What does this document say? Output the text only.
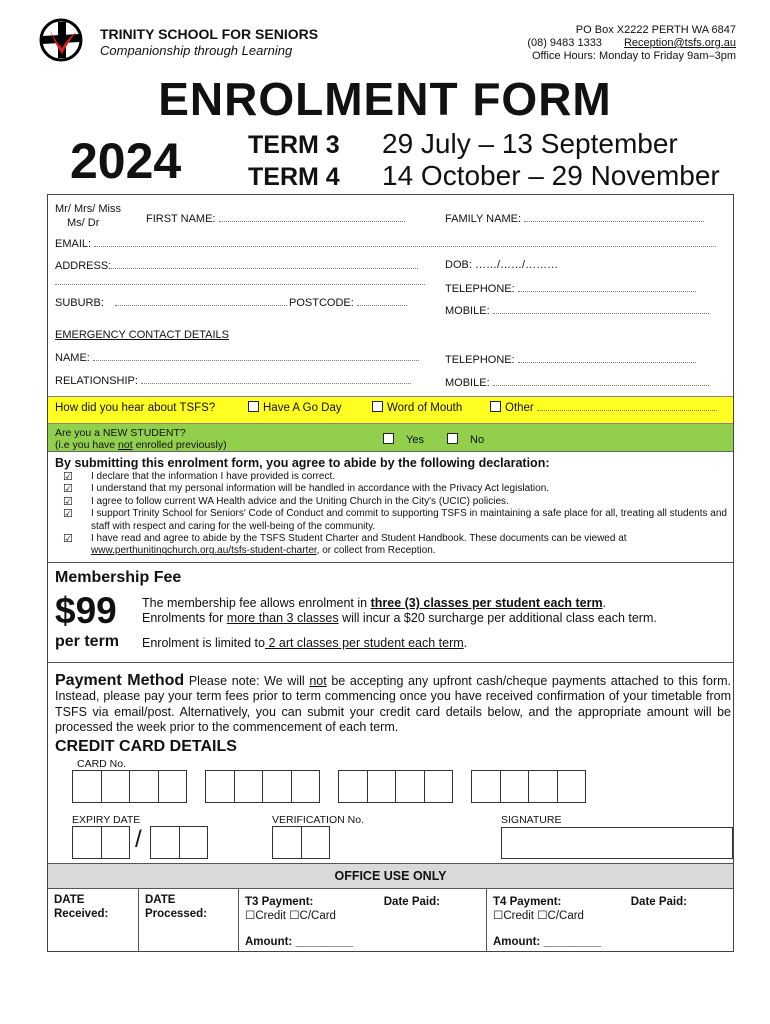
TRINITY SCHOOL FOR SENIORS
Companionship through Learning
PO Box X2222 PERTH WA 6847
(08) 9483 1333 Reception@tsfs.org.au
Office Hours: Monday to Friday 9am–3pm
ENROLMENT FORM
2024	TERM 3 29 July – 13 September
TERM 4 14 October – 29 November
Mr/ Mrs/ Miss
Ms/ Dr	FIRST NAME:	FAMILY NAME:
EMAIL:
ADDRESS:	DOB: ……/……/………
TELEPHONE:
SUBURB:	POSTCODE:
MOBILE:
EMERGENCY CONTACT DETAILS
NAME:	TELEPHONE:
RELATIONSHIP:	MOBILE:
How did you hear about TSFS?	Have A Go Day	Word of Mouth	Other
Are you a NEW STUDENT?
(i.e you have not enrolled previously)	Yes	No
By submitting this enrolment form, you agree to abide by the following declaration:
☑	I declare that the information I have provided is correct.
☑	I understand that my personal information will be handled in accordance with the Privacy Act legislation.
☑	I agree to follow current WA Health advice and the Uniting Church in the City's (UCIC) policies.
☑	I support Trinity School for Seniors' Code of Conduct and commit to supporting TSFS in maintaining a safe place for all, treating all students and staff with respect and caring for the well-being of the community.
☑	I have read and agree to abide by the TSFS Student Charter and Student Handbook. These documents can be viewed at www.perthunitingchurch.org.au/tsfs-student-charter, or collect from Reception.
Membership Fee
$99
per term
The membership fee allows enrolment in three (3) classes per student each term.
Enrolments for more than 3 classes will incur a $20 surcharge per additional class each term.
Enrolment is limited to 2 art classes per student each term.
Payment Method Please note: We will not be accepting any upfront cash/cheque payments attached to this form. Instead, please pay your term fees prior to term commencing once you have received confirmation of your timetable from TSFS via email/post. Alternatively, you can submit your credit card details below, and the appropriate amount will be processed the week prior to the commencement of each term.
CREDIT CARD DETAILS
CARD No.
EXPIRY DATE
/
VERIFICATION No.	SIGNATURE
OFFICE USE ONLY
DATE
Received:
DATE
Processed:
T3 Payment:	Date Paid:
☐Credit ☐C/Card
Amount: _________
T4 Payment:	Date Paid:
☐Credit ☐C/Card
Amount: _________
